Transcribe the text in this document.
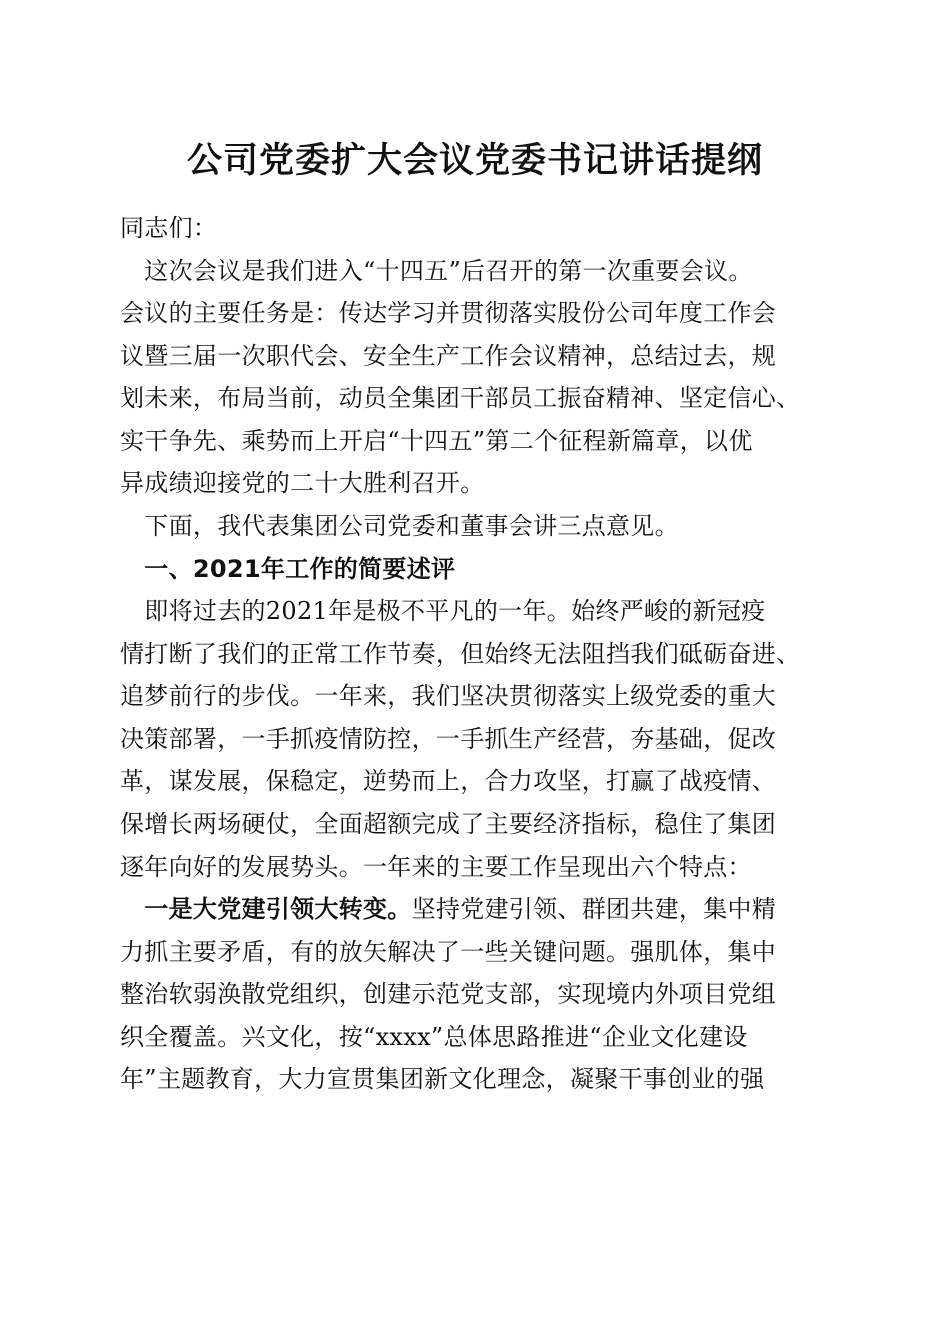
公司党委扩大会议党委书记讲话提纲
同志们：
　这次会议是我们进入“十四五”后召开的第一次重要会议。
会议的主要任务是：传达学习并贯彻落实股份公司年度工作会
议暨三届一次职代会、安全生产工作会议精神，总结过去，规
划未来，布局当前，动员全集团干部员工振奋精神、坚定信心、
实干争先、乘势而上开启“十四五”第二个征程新篇章，以优
异成绩迎接党的二十大胜利召开。
　下面，我代表集团公司党委和董事会讲三点意见。
　一、2021年工作的简要述评
　即将过去的2021年是极不平凡的一年。始终严峻的新冠疫
情打断了我们的正常工作节奏，但始终无法阻挡我们砥砺奋进、
追梦前行的步伐。一年来，我们坚决贯彻落实上级党委的重大
决策部署，一手抓疫情防控，一手抓生产经营，夯基础，促改
革，谋发展，保稳定，逆势而上，合力攻坚，打赢了战疫情、
保增长两场硬仗，全面超额完成了主要经济指标，稳住了集团
逐年向好的发展势头。一年来的主要工作呈现出六个特点：
　一是大党建引领大转变。坚持党建引领、群团共建，集中精
力抓主要矛盾，有的放矢解决了一些关键问题。强肌体，集中
整治软弱涣散党组织，创建示范党支部，实现境内外项目党组
织全覆盖。兴文化，按“xxxx”总体思路推进“企业文化建设
年”主题教育，大力宣贯集团新文化理念，凝聚干事创业的强
